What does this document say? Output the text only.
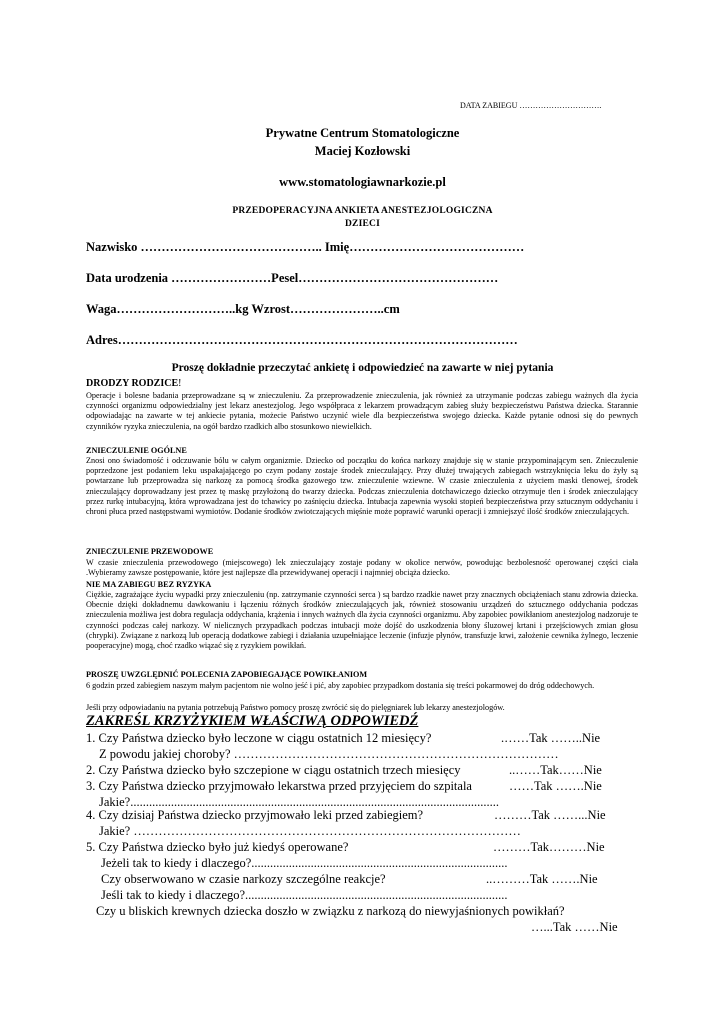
DATA ZABIEGU ………………………….
Prywatne Centrum Stomatologiczne
Maciej Kozłowski
www.stomatologiawnarkozie.pl
PRZEDOPERACYJNA ANKIETA ANESTEZJOLOGICZNA
DZIECI
Nazwisko …………………………………….. Imię……………………………………
Data urodzenia ……………………Pesel…………………………………………
Waga………………………..kg Wzrost…………………..cm
Adres……………………………………………………………………………………
Proszę dokładnie przeczytać ankietę i odpowiedzieć na zawarte w niej pytania
DRODZY RODZICE!
Operacje i bolesne badania przeprowadzane są w znieczuleniu. Za przeprowadzenie znieczulenia, jak również za utrzymanie podczas zabiegu ważnych dla życia czynności organizmu odpowiedzialny jest lekarz anestezjolog. Jego współpraca z lekarzem prowadzącym zabieg służy bezpieczeństwu Państwa dziecka. Starannie odpowiadając na zawarte w tej ankiecie pytania, możecie Państwo uczynić wiele dla bezpieczeństwa swojego dziecka. Każde pytanie odnosi się do pewnych czynników ryzyka znieczulenia, na ogół bardzo rzadkich albo stosunkowo niewielkich.
ZNIECZULENIE OGÓLNE
Znosi ono świadomość i odczuwanie bólu w całym organizmie. Dziecko od początku do końca narkozy znajduje się w stanie przypominającym sen. Znieczulenie poprzedzone jest podaniem leku uspakajającego po czym podany zostaje środek znieczulający. Przy dłużej trwających zabiegach wstrzyknięcia leku do żyły są powtarzane lub przeprowadza się narkozę za pomocą środka gazowego tzw. znieczulenie wziewne. W czasie znieczulenia z użyciem maski tlenowej, środek znieczulający doprowadzany jest przez tę maskę przyłożoną do twarzy dziecka. Podczas znieczulenia dotchawiczego dziecko otrzymuje tlen i środek znieczulający przez rurkę intubacyjną, która wprowadzana jest do tchawicy po zaśnięciu dziecka. Intubacja zapewnia wysoki stopień bezpieczeństwa przy sztucznym oddychaniu i chroni płuca przed następstwami wymiotów. Dodanie środków zwiotczających mięśnie może poprawić warunki operacji i zmniejszyć ilość środków znieczulających.
ZNIECZULENIE PRZEWODOWE
W czasie znieczulenia przewodowego (miejscowego) lek znieczulający zostaje podany w okolice nerwów, powodując bezbolesność operowanej części ciała .Wybieramy zawsze postępowanie, które jest najlepsze dla przewidywanej operacji i najmniej obciąża dziecko.
NIE MA ZABIEGU BEZ RYZYKA
Ciężkie, zagrażające życiu wypadki przy znieczuleniu (np. zatrzymanie czynności serca ) są bardzo rzadkie nawet przy znacznych obciążeniach stanu zdrowia dziecka. Obecnie dzięki dokładnemu dawkowaniu i łączeniu różnych środków znieczulających jak, również stosowaniu urządzeń do sztucznego oddychania podczas znieczulenia możliwa jest dobra regulacja oddychania, krążenia i innych ważnych dla życia czynności organizmu. Aby zapobiec powikłaniom anestezjolog nadzoruje te czynności podczas całej narkozy. W nielicznych przypadkach podczas intubacji może dojść do uszkodzenia błony śluzowej krtani i przejściowych zmian głosu (chrypki). Związane z narkozą lub operacją dodatkowe zabiegi i działania uzupełniające leczenie (infuzje płynów, transfuzje krwi, założenie cewnika żylnego, leczenie pooperacyjne) mogą, choć rzadko wiązać się z ryzykiem powikłań.
PROSZĘ UWZGLĘDNIĆ POLECENIA ZAPOBIEGAJĄCE POWIKŁANIOM
6 godzin przed zabiegiem naszym małym pacjentom nie wolno jeść i pić, aby zapobiec przypadkom dostania się treści pokarmowej do dróg oddechowych.
Jeśli przy odpowiadaniu na pytania potrzebują Państwo pomocy proszę zwrócić się do pielęgniarek lub lekarzy anestezjologów.
ZAKREŚL KRZYŻYKIEM WŁAŚCIWĄ ODPOWIEDŹ
1. Czy Państwa dziecko było leczone w ciągu ostatnich 12 miesięcy?	.……Tak ……..Nie
Z powodu jakiej choroby? ……………………………………………………………………
2. Czy Państwa dziecko było szczepione w ciągu ostatnich trzech miesięcy	..……Tak……Nie
3. Czy Państwa dziecko przyjmowało lekarstwa przed przyjęciem do szpitala	……Tak …….Nie
Jakie?......................................................................................................................
4. Czy dzisiaj Państwa dziecko przyjmowało leki przed zabiegiem?	………Tak ……...Nie
Jakie? …………………………………………………………………………………
5. Czy Państwa dziecko było już kiedyś operowane?	………Tak………Nie
Jeżeli tak to kiedy i dlaczego?..................................................................................
Czy obserwowano w czasie narkozy szczególne reakcje?	..………Tak …….Nie
Jeśli tak to kiedy i dlaczego?....................................................................................
Czy u bliskich krewnych dziecka doszło w związku z narkozą do niewyjaśnionych powikłań?
…...Tak ……Nie
